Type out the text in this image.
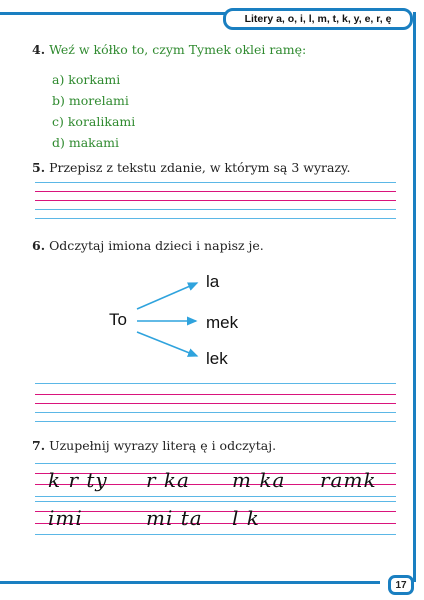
Litery a, o, i, l, m, t, k, y, e, r, ę
4. Weź w kółko to, czym Tymek oklei ramę:
a) korkami
b) morelami
c) koralikami
d) makami
5. Przepisz z tekstu zdanie, w którym są 3 wyrazy.
6. Odczytaj imiona dzieci i napisz je.
To
la
mek
lek
7. Uzupełnij wyrazy literą ę i odczytaj.
k r ty r ka m ka ramk
imi	mi ta l k
17
